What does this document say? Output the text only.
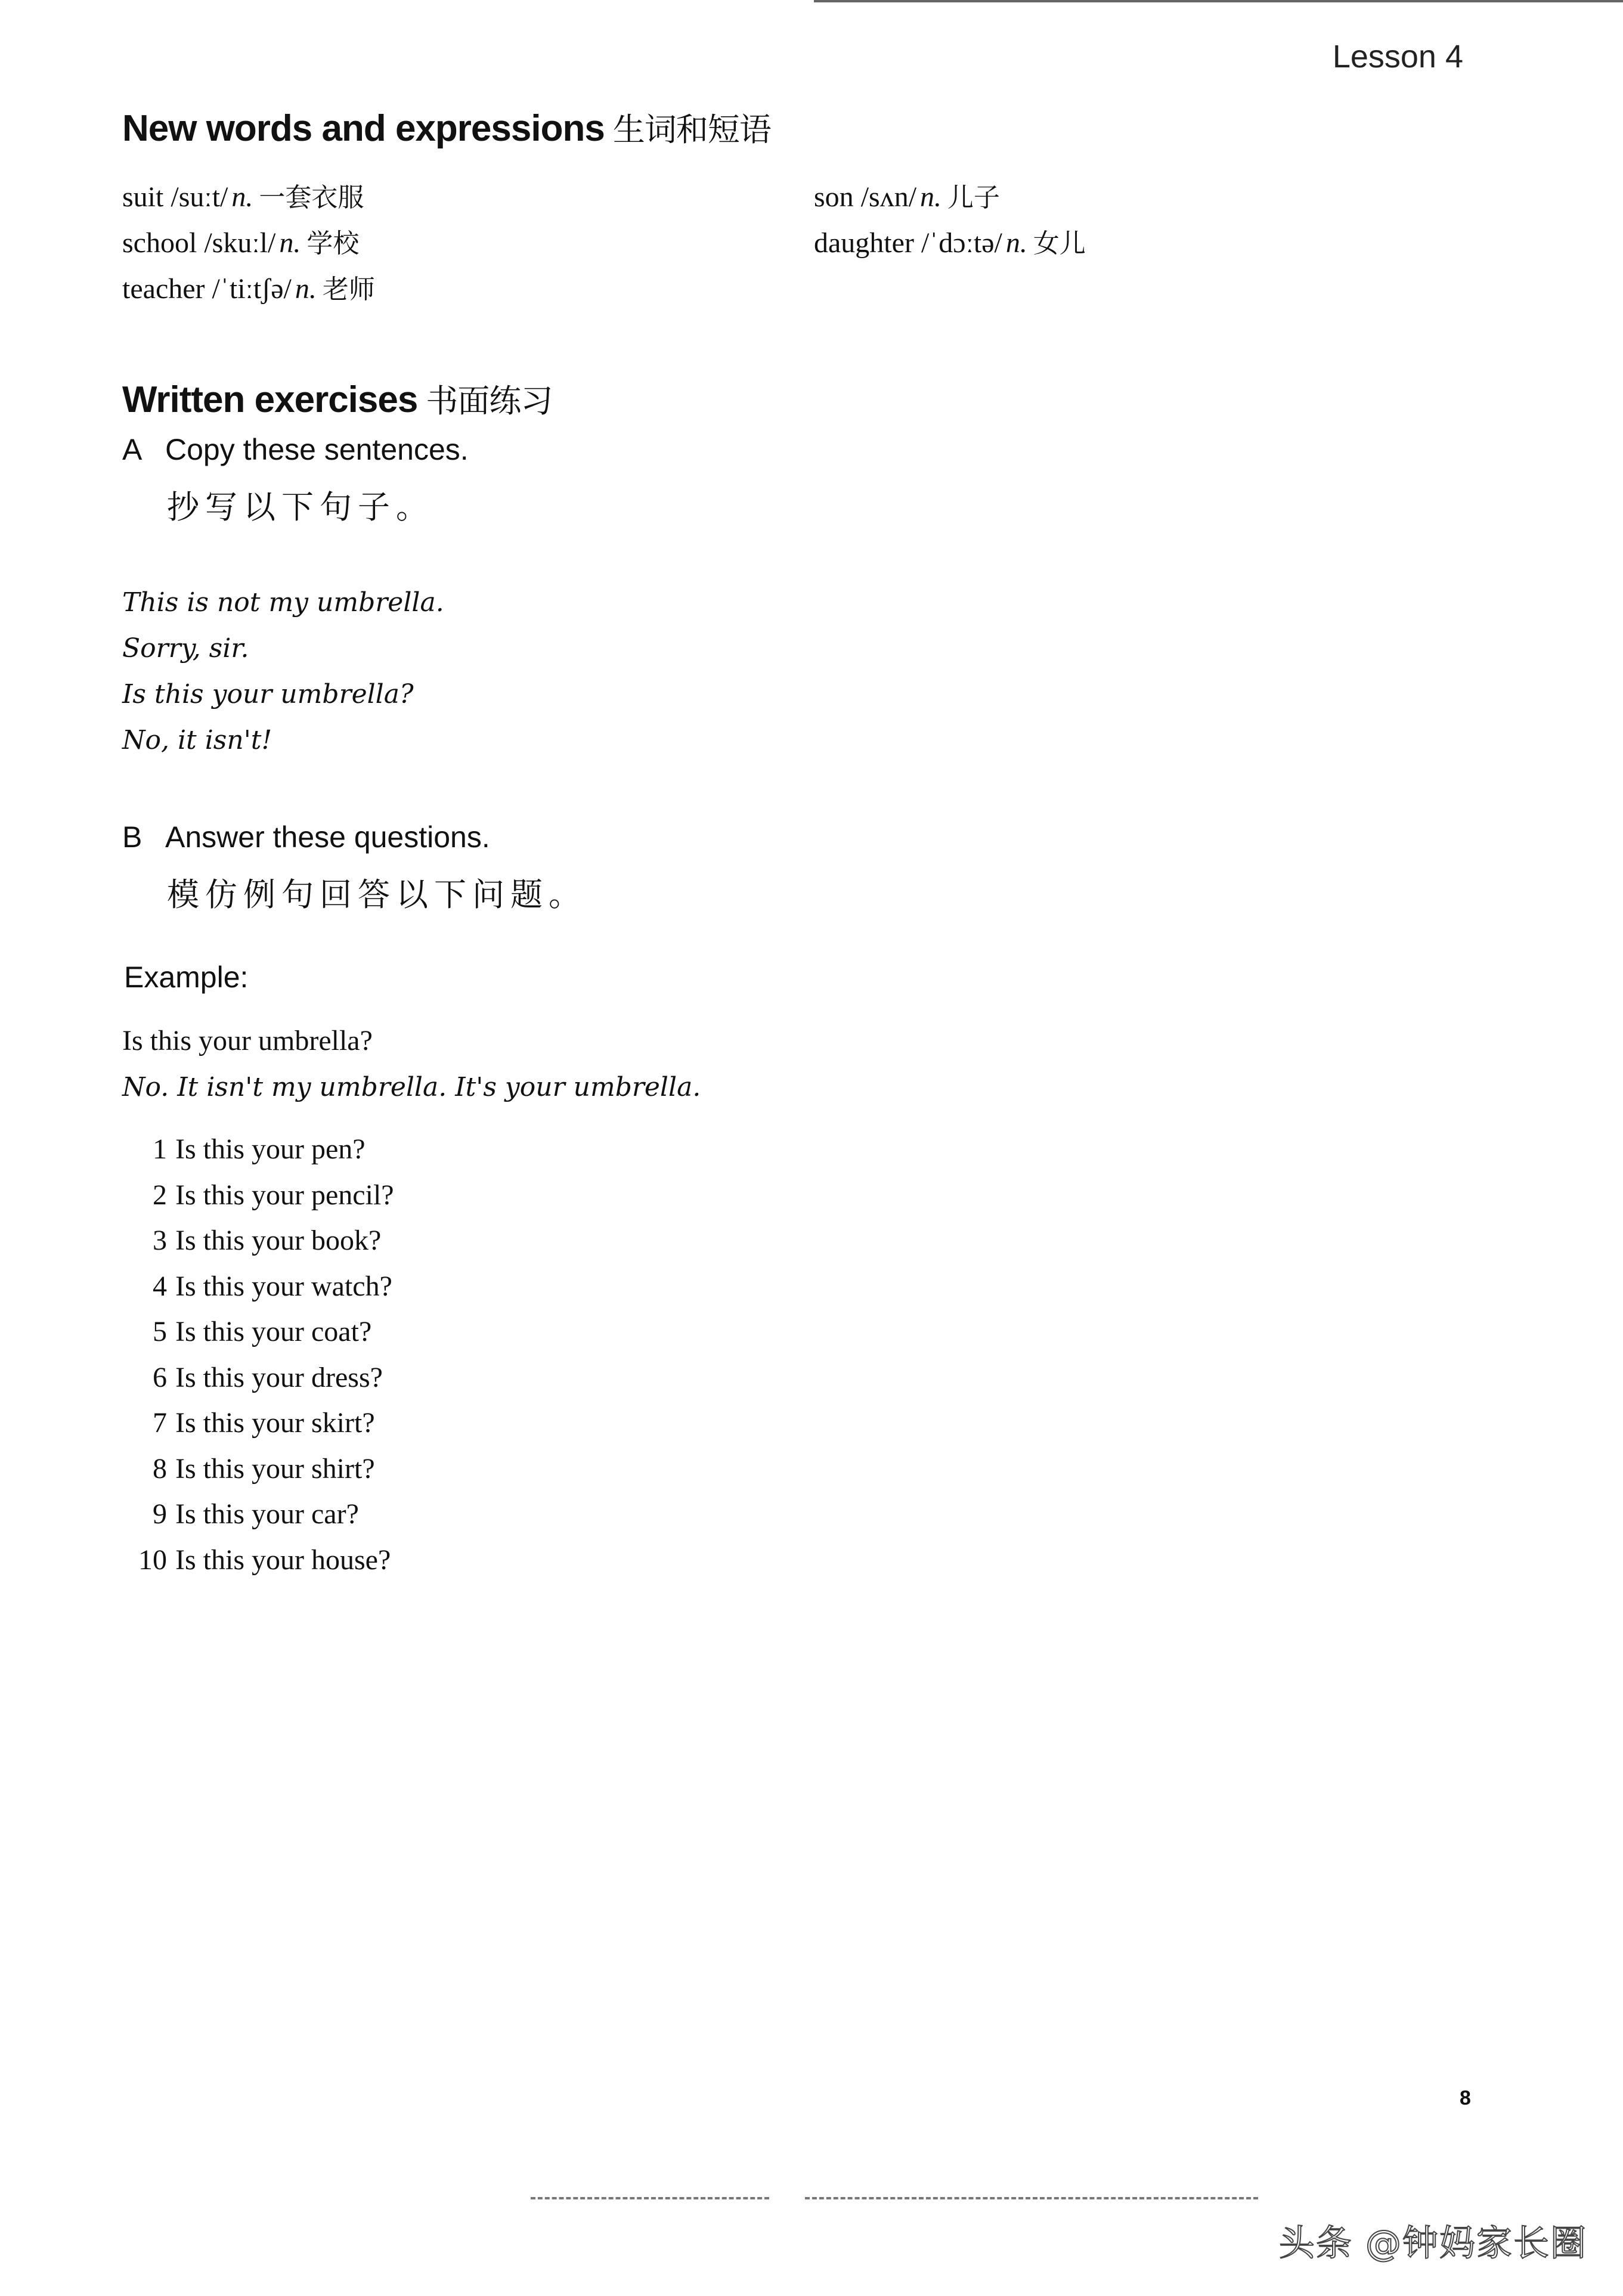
Lesson 4
New words and expressions 生词和短语
suit /suːt/ n. 一套衣服
school /skuːl/ n. 学校
teacher /ˈtiːtʃə/ n. 老师
son /sʌn/ n. 儿子
daughter /ˈdɔːtə/ n. 女儿
Written exercises 书面练习
A Copy these sentences.
抄写以下句子。
This is not my umbrella.
Sorry, sir.
Is this your umbrella?
No, it isn't!
B Answer these questions.
模仿例句回答以下问题。
Example:
Is this your umbrella?
No. It isn't my umbrella. It's your umbrella.
1 Is this your pen?
2 Is this your pencil?
3 Is this your book?
4 Is this your watch?
5 Is this your coat?
6 Is this your dress?
7 Is this your skirt?
8 Is this your shirt?
9 Is this your car?
10 Is this your house?
8
头条 @钟妈家长圈
